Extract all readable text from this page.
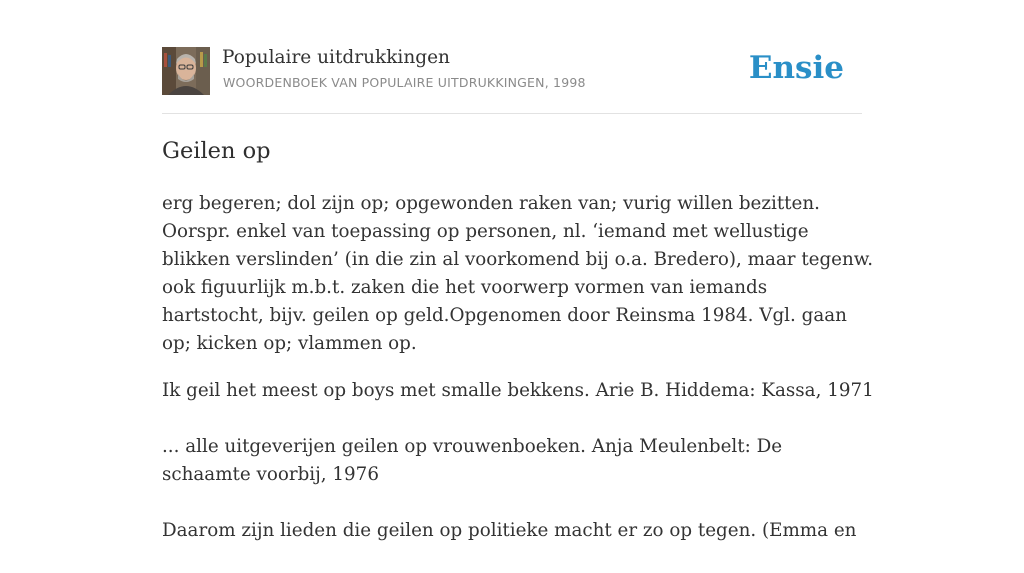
Populaire uitdrukkingen
WOORDENBOEK VAN POPULAIRE UITDRUKKINGEN, 1998	Ensie
Geilen op

erg begeren; dol zijn op; opgewonden raken van; vurig willen bezitten. Oorspr. enkel van toepassing op personen, nl. ‘iemand met wellustige blikken verslinden’ (in die zin al voorkomend bij o.a. Bredero), maar tegenw. ook figuurlijk m.b.t. zaken die het voorwerp vormen van iemands hartstocht, bijv. geilen op geld.Opgenomen door Reinsma 1984. Vgl. gaan op; kicken op; vlammen op.

Ik geil het meest op boys met smalle bekkens. Arie B. Hiddema: Kassa, 1971

... alle uitgeverijen geilen op vrouwenboeken. Anja Meulenbelt: De schaamte voorbij, 1976

Daarom zijn lieden die geilen op politieke macht er zo op tegen. (Emma en
